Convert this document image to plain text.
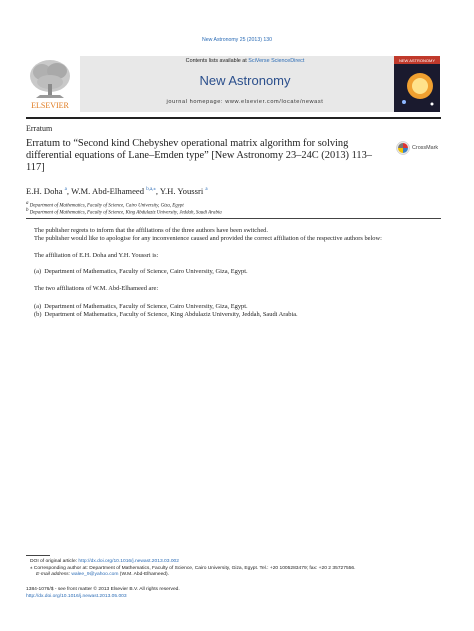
New Astronomy 25 (2013) 130
ELSEVIER
Contents lists available at SciVerse ScienceDirect
New Astronomy
journal homepage: www.elsevier.com/locate/newast
NEW ASTRONOMY
Erratum
Erratum to “Second kind Chebyshev operational matrix algorithm for solving differential equations of Lane–Emden type” [New Astronomy 23–24C (2013) 113–117]
CrossMark
E.H. Doha $^a$, W.M. Abd-Elhameed $^{b,a,⁎}$, Y.H. Youssri $^a$
a Department of Mathematics, Faculty of Science, Cairo University, Giza, Egypt
b Department of Mathematics, Faculty of Science, King Abdulaziz University, Jeddah, Saudi Arabia
The publisher regrets to inform that the affiliations of the three authors have been switched.
The publisher would like to apologise for any inconvenience caused and provided the correct affiliation of the respective authors below:
The affiliation of E.H. Doha and Y.H. Youssri is:
(a) Department of Mathematics, Faculty of Science, Cairo University, Giza, Egypt.
The two affiliations of W.M. Abd-Elhameed are:
(a) Department of Mathematics, Faculty of Science, Cairo University, Giza, Egypt.
(b) Department of Mathematics, Faculty of Science, King Abdulaziz University, Jeddah, Saudi Arabia.
DOI of original article: http://dx.doi.org/10.1016/j.newast.2013.03.002
⁎ Corresponding author at: Department of Mathematics, Faculty of Science, Cairo University, Giza, Egypt. Tel.: +20 1005283479; fax: +20 2 35727556.
E-mail address: walee_9@yahoo.com (W.M. Abd-Elhameed).
1384-1076/$ - see front matter © 2013 Elsevier B.V. All rights reserved.
http://dx.doi.org/10.1016/j.newast.2013.05.003
